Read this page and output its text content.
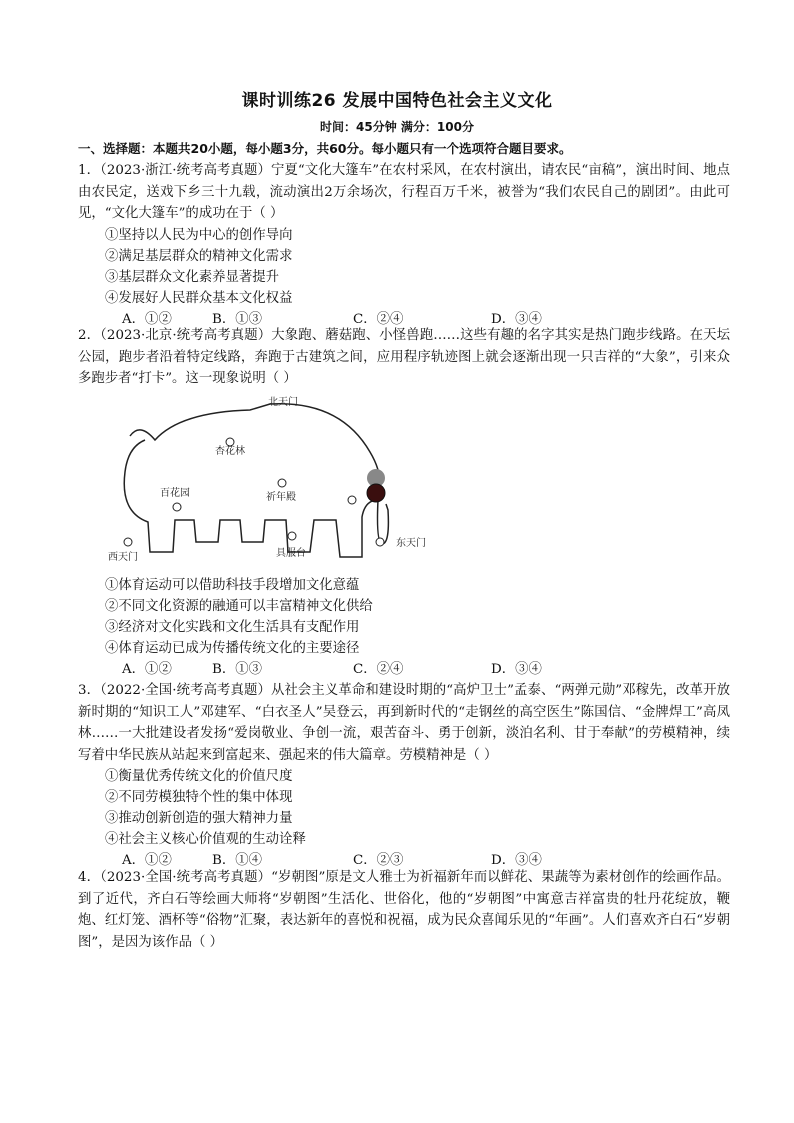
课时训练26 发展中国特色社会主义文化
时间：45分钟 满分：100分
一、选择题：本题共20小题，每小题3分，共60分。每小题只有一个选项符合题目要求。

1．（2023·浙江·统考高考真题）宁夏“文化大篷车”在农村采风，在农村演出，请农民“亩稿”，演出时间、地点由农民定，送戏下乡三十九载，流动演出2万余场次，行程百万千米，被誉为“我们农民自己的剧团”。由此可见，“文化大篷车”的成功在于（ ）

①坚持以人民为中心的创作导向

②满足基层群众的精神文化需求

③基层群众文化素养显著提升

④发展好人民群众基本文化权益

A．①②	B．①③	C．②④	D．③④

2．（2023·北京·统考高考真题）大象跑、蘑菇跑、小怪兽跑……这些有趣的名字其实是热门跑步线路。在天坛公园，跑步者沿着特定线路，奔跑于古建筑之间，应用程序轨迹图上就会逐渐出现一只吉祥的“大象”，引来众多跑步者“打卡”。这一现象说明（ ）

北天门
杏花林
百花园	祈年殿
西天门	具服台
东天门

①体育运动可以借助科技手段增加文化意蕴

②不同文化资源的融通可以丰富精神文化供给

③经济对文化实践和文化生活具有支配作用

④体育运动已成为传播传统文化的主要途径

A．①②	B．①③	C．②④	D．③④

3．（2022·全国·统考高考真题）从社会主义革命和建设时期的“高炉卫士”孟泰、“两弹元勋”邓稼先，改革开放新时期的“知识工人”邓建军、“白衣圣人”吴登云，再到新时代的“走钢丝的高空医生”陈国信、“金牌焊工”高凤林……一大批建设者发扬“爱岗敬业、争创一流，艰苦奋斗、勇于创新，淡泊名利、甘于奉献”的劳模精神，续写着中华民族从站起来到富起来、强起来的伟大篇章。劳模精神是（ ）

①衡量优秀传统文化的价值尺度

②不同劳模独特个性的集中体现

③推动创新创造的强大精神力量

④社会主义核心价值观的生动诠释

A．①②	B．①④	C．②③	D．③④

4．（2023·全国·统考高考真题）“岁朝图”原是文人雅士为祈福新年而以鲜花、果蔬等为素材创作的绘画作品。到了近代，齐白石等绘画大师将“岁朝图”生活化、世俗化，他的“岁朝图”中寓意吉祥富贵的牡丹花绽放，鞭炮、红灯笼、酒杯等“俗物”汇聚，表达新年的喜悦和祝福，成为民众喜闻乐见的“年画”。人们喜欢齐白石“岁朝图”，是因为该作品（ ）
